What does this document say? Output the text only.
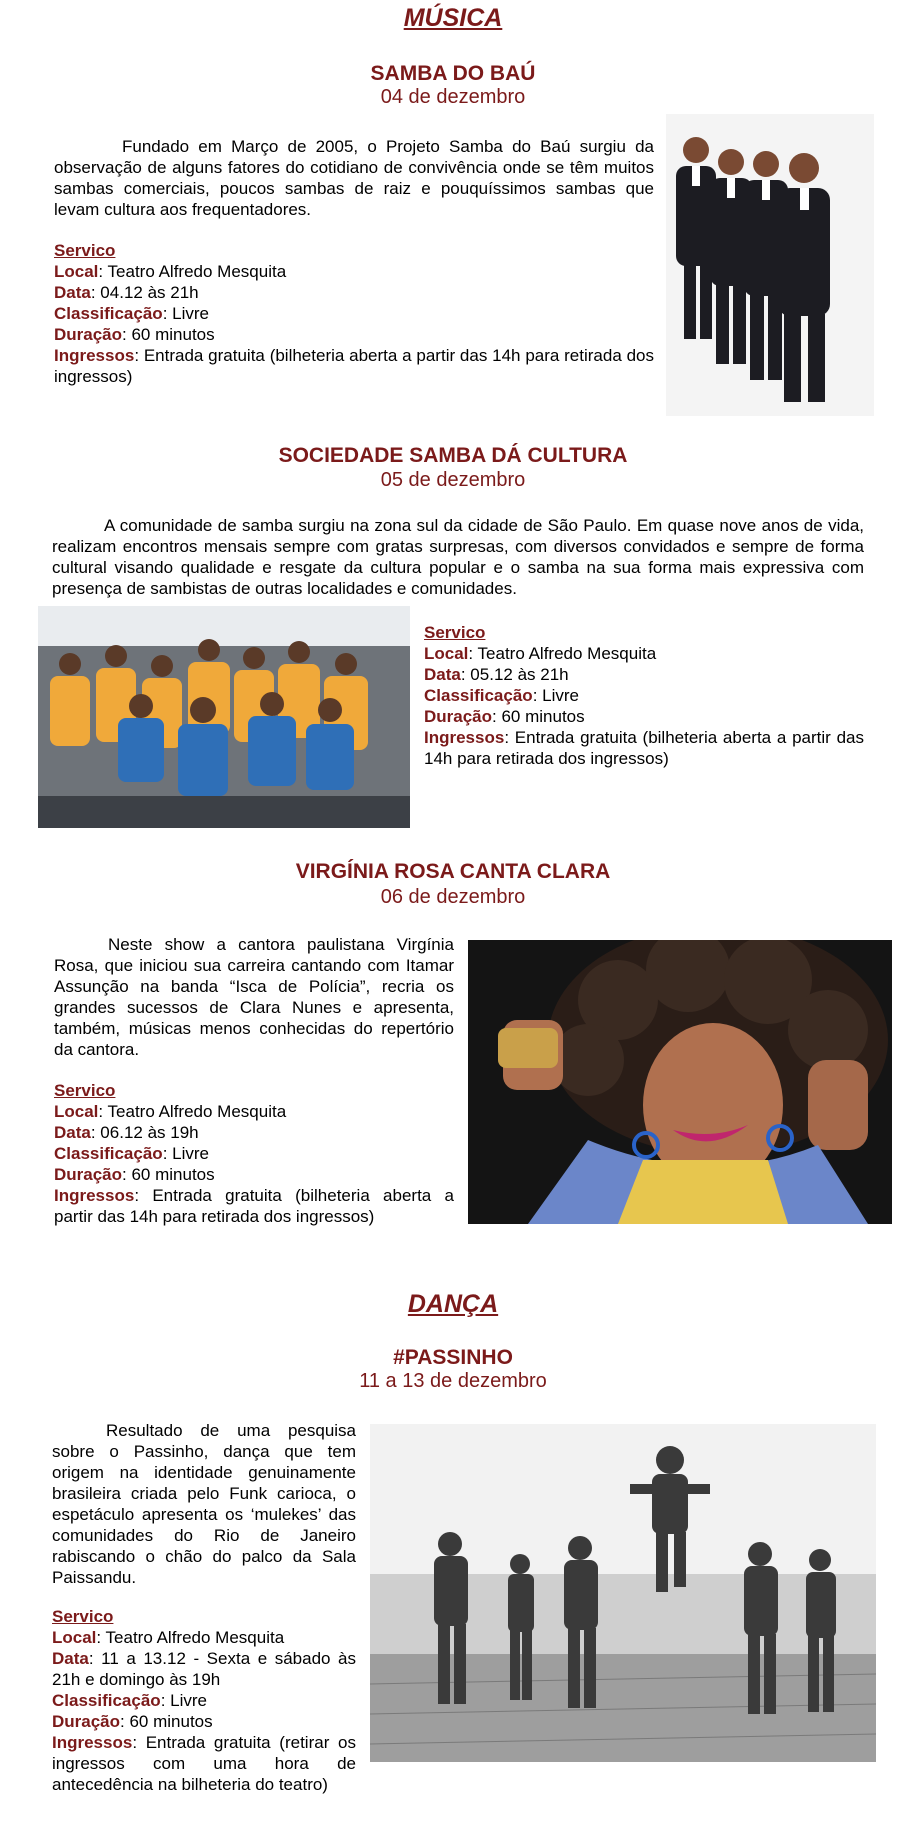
MÚSICA
SAMBA DO BAÚ
04 de dezembro
Fundado em Março de 2005, o Projeto Samba do Baú surgiu da observação de alguns fatores do cotidiano de convivência onde se têm muitos sambas comerciais, poucos sambas de raiz e pouquíssimos sambas que levam cultura aos frequentadores.
Servico
Local: Teatro Alfredo Mesquita
Data: 04.12 às 21h
Classificação: Livre
Duração: 60 minutos
Ingressos: Entrada gratuita (bilheteria aberta a partir das 14h para retirada dos ingressos)
SOCIEDADE SAMBA DÁ CULTURA
05 de dezembro
A comunidade de samba surgiu na zona sul da cidade de São Paulo. Em quase nove anos de vida, realizam encontros mensais sempre com gratas surpresas, com diversos convidados e sempre de forma cultural visando qualidade e resgate da cultura popular e o samba na sua forma mais expressiva com presença de sambistas de outras localidades e comunidades.
Servico
Local: Teatro Alfredo Mesquita
Data: 05.12 às 21h
Classificação: Livre
Duração: 60 minutos
Ingressos: Entrada gratuita (bilheteria aberta a partir das 14h para retirada dos ingressos)
VIRGÍNIA ROSA CANTA CLARA
06 de dezembro
Neste show a cantora paulistana Virgínia Rosa, que iniciou sua carreira cantando com Itamar Assunção na banda “Isca de Polícia”, recria os grandes sucessos de Clara Nunes e apresenta, também, músicas menos conhecidas do repertório da cantora.
Servico
Local: Teatro Alfredo Mesquita
Data: 06.12 às 19h
Classificação: Livre
Duração: 60 minutos
Ingressos: Entrada gratuita (bilheteria aberta a partir das 14h para retirada dos ingressos)
DANÇA
#PASSINHO
11 a 13 de dezembro
Resultado de uma pesquisa sobre o Passinho, dança que tem origem na identidade genuinamente brasileira criada pelo Funk carioca, o espetáculo apresenta os ‘mulekes’ das comunidades do Rio de Janeiro rabiscando o chão do palco da Sala Paissandu.
Servico
Local: Teatro Alfredo Mesquita
Data: 11 a 13.12 - Sexta e sábado às 21h e domingo às 19h
Classificação: Livre
Duração: 60 minutos
Ingressos: Entrada gratuita (retirar os ingressos com uma hora de antecedência na bilheteria do teatro)
